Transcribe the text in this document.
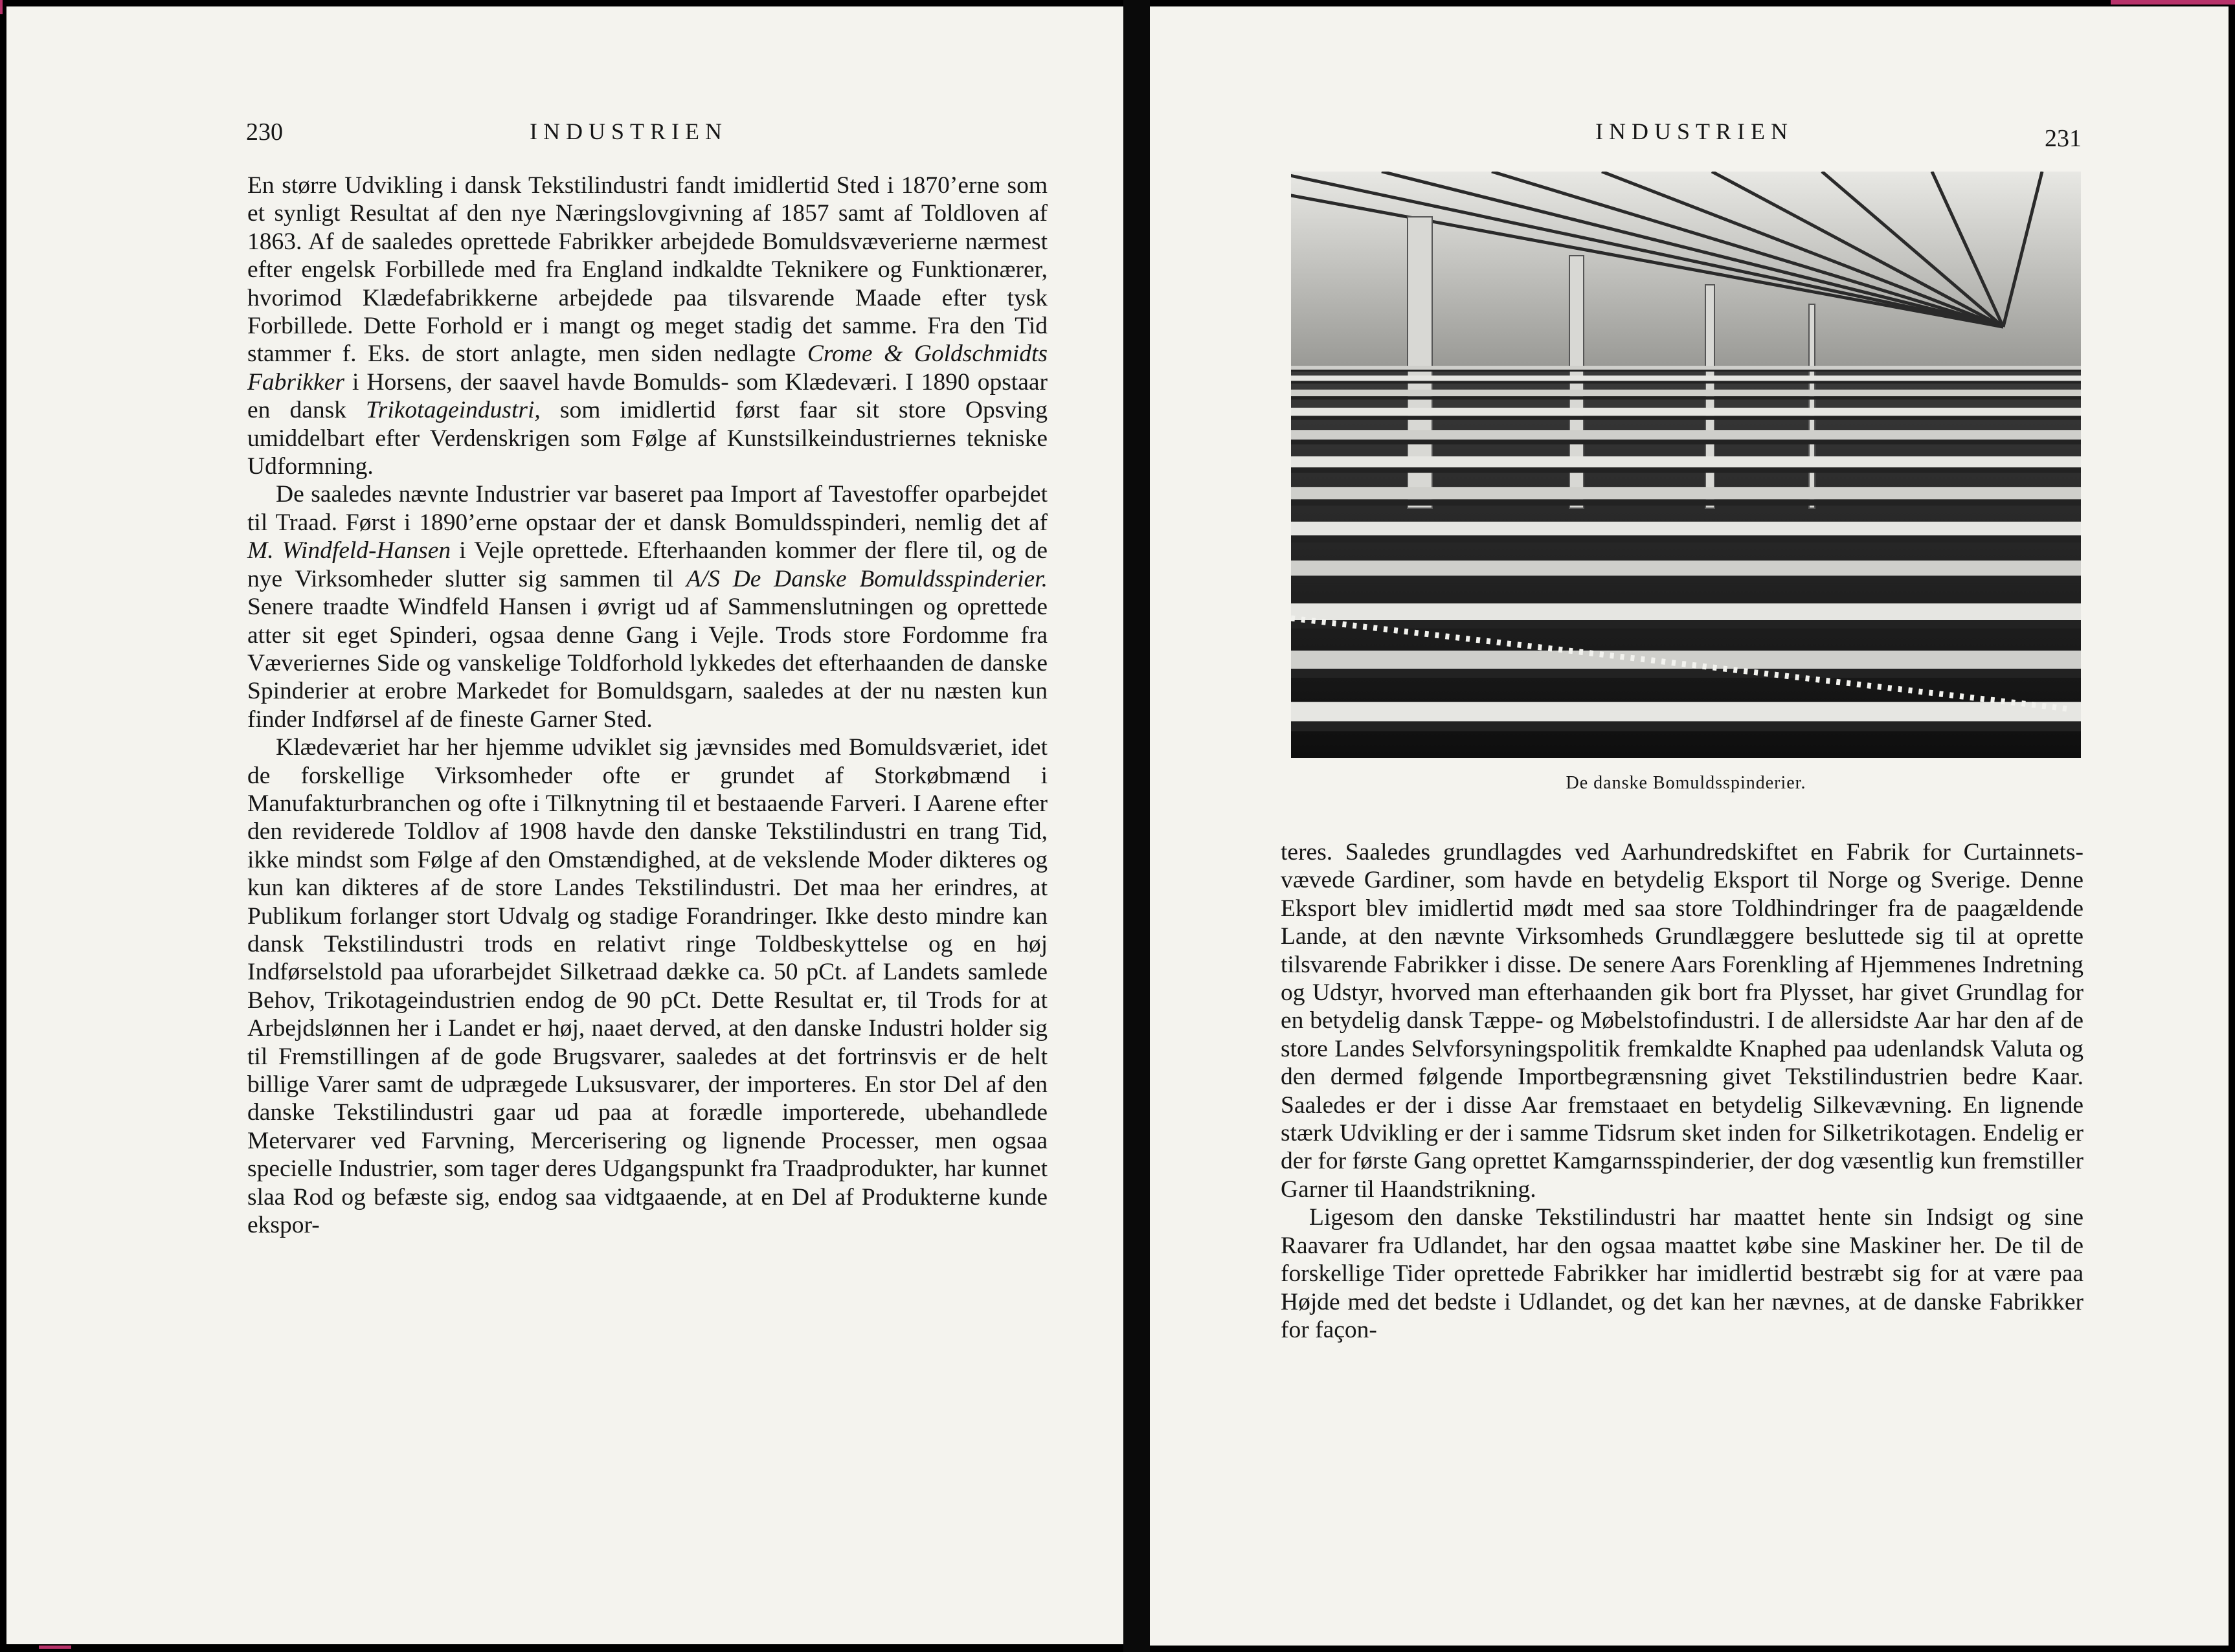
230	INDUSTRIEN

En større Udvikling i dansk Tekstilindustri fandt imidlertid Sted i 1870’erne som et synligt Resultat af den nye Næringslovgivning af 1857 samt af Toldloven af 1863. Af de saaledes oprettede Fabrikker arbejdede Bomuldsvæverierne nærmest efter engelsk Forbillede med fra England indkaldte Teknikere og Funktionærer, hvorimod Klædefabrikkerne arbejdede paa tilsvarende Maade efter tysk Forbillede. Dette Forhold er i mangt og meget stadig det samme. Fra den Tid stammer f. Eks. de stort anlagte, men siden nedlagte Crome & Goldschmidts Fabrikker i Horsens, der saavel havde Bomulds- som Klædeværi. I 1890 opstaar en dansk Trikotageindustri, som imidlertid først faar sit store Opsving umiddelbart efter Verdenskrigen som Følge af Kunstsilkeindustriernes tekniske Udformning.

De saaledes nævnte Industrier var baseret paa Import af Tavestoffer oparbejdet til Traad. Først i 1890’erne opstaar der et dansk Bomuldsspinderi, nemlig det af M. Windfeld-Hansen i Vejle oprettede. Efterhaanden kommer der flere til, og de nye Virksomheder slutter sig sammen til A/S De Danske Bomuldsspinderier. Senere traadte Windfeld Hansen i øvrigt ud af Sammenslutningen og oprettede atter sit eget Spinderi, ogsaa denne Gang i Vejle. Trods store Fordomme fra Væveriernes Side og vanskelige Toldforhold lykkedes det efterhaanden de danske Spinderier at erobre Markedet for Bomuldsgarn, saaledes at der nu næsten kun finder Indførsel af de fineste Garner Sted.

Klædeværiet har her hjemme udviklet sig jævnsides med Bomuldsværiet, idet de forskellige Virksomheder ofte er grundet af Storkøbmænd i Manufakturbranchen og ofte i Tilknytning til et bestaaende Farveri. I Aarene efter den reviderede Toldlov af 1908 havde den danske Tekstilindustri en trang Tid, ikke mindst som Følge af den Omstændighed, at de vekslende Moder dikteres og kun kan dikteres af de store Landes Tekstilindustri. Det maa her erindres, at Publikum forlanger stort Udvalg og stadige Forandringer. Ikke desto mindre kan dansk Tekstilindustri trods en relativt ringe Toldbeskyttelse og en høj Indførselstold paa uforarbejdet Silketraad dække ca. 50 pCt. af Landets samlede Behov, Trikotageindustrien endog de 90 pCt. Dette Resultat er, til Trods for at Arbejdslønnen her i Landet er høj, naaet derved, at den danske Industri holder sig til Fremstillingen af de gode Brugsvarer, saaledes at det fortrinsvis er de helt billige Varer samt de udprægede Luksusvarer, der importeres. En stor Del af den danske Tekstilindustri gaar ud paa at forædle importerede, ubehandlede Metervarer ved Farvning, Mercerisering og lignende Processer, men ogsaa specielle Industrier, som tager deres Udgangspunkt fra Traadprodukter, har kunnet slaa Rod og befæste sig, endog saa vidtgaaende, at en Del af Produkterne kunde ekspor-

INDUSTRIEN	231
De danske Bomuldsspinderier.

teres. Saaledes grundlagdes ved Aarhundredskiftet en Fabrik for Curtainnets-vævede Gardiner, som havde en betydelig Eksport til Norge og Sverige. Denne Eksport blev imidlertid mødt med saa store Toldhindringer fra de paagældende Lande, at den nævnte Virksomheds Grundlæggere besluttede sig til at oprette tilsvarende Fabrikker i disse. De senere Aars Forenkling af Hjemmenes Indretning og Udstyr, hvorved man efterhaanden gik bort fra Plysset, har givet Grundlag for en betydelig dansk Tæppe- og Møbelstofindustri. I de allersidste Aar har den af de store Landes Selvforsyningspolitik fremkaldte Knaphed paa udenlandsk Valuta og den dermed følgende Importbegrænsning givet Tekstilindustrien bedre Kaar. Saaledes er der i disse Aar fremstaaet en betydelig Silkevævning. En lignende stærk Udvikling er der i samme Tidsrum sket inden for Silketrikotagen. Endelig er der for første Gang oprettet Kamgarnsspinderier, der dog væsentlig kun fremstiller Garner til Haandstrikning.

Ligesom den danske Tekstilindustri har maattet hente sin Indsigt og sine Raavarer fra Udlandet, har den ogsaa maattet købe sine Maskiner her. De til de forskellige Tider oprettede Fabrikker har imidlertid bestræbt sig for at være paa Højde med det bedste i Udlandet, og det kan her nævnes, at de danske Fabrikker for façon-
